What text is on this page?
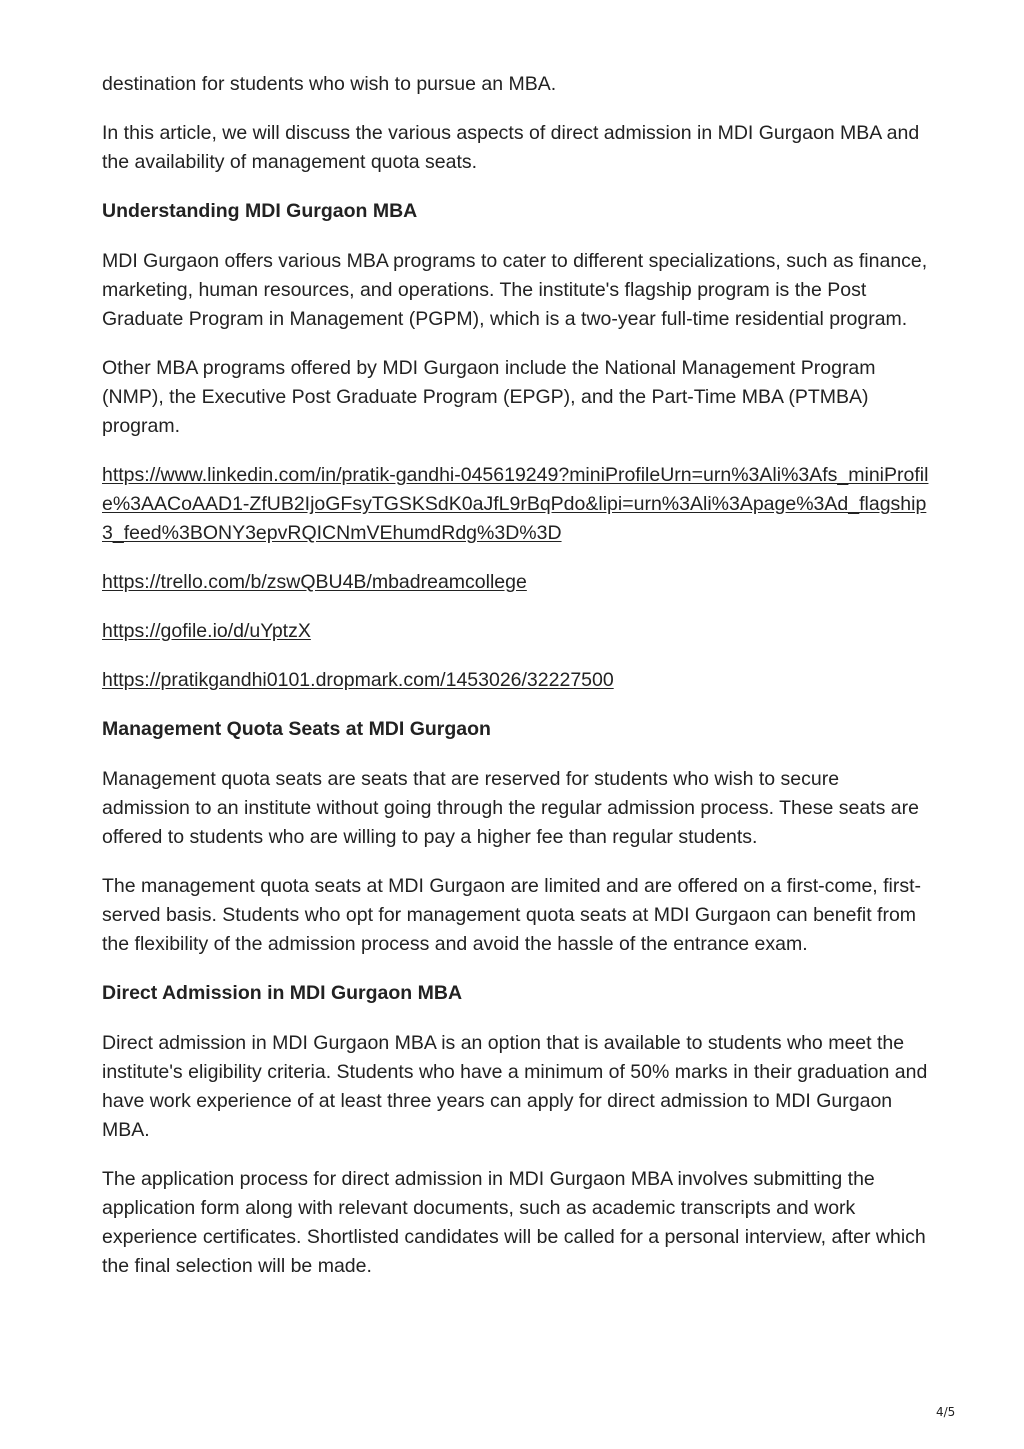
destination for students who wish to pursue an MBA.

In this article, we will discuss the various aspects of direct admission in MDI Gurgaon MBA and the availability of management quota seats.

Understanding MDI Gurgaon MBA

MDI Gurgaon offers various MBA programs to cater to different specializations, such as finance, marketing, human resources, and operations. The institute's flagship program is the Post Graduate Program in Management (PGPM), which is a two-year full-time residential program.

Other MBA programs offered by MDI Gurgaon include the National Management Program (NMP), the Executive Post Graduate Program (EPGP), and the Part-Time MBA (PTMBA) program.

https://www.linkedin.com/in/pratik-gandhi-045619249?miniProfileUrn=urn%3Ali%3Afs_miniProfile%3AACoAAD1-ZfUB2IjoGFsyTGSKSdK0aJfL9rBqPdo&lipi=urn%3Ali%3Apage%3Ad_flagship3_feed%3BONY3epvRQICNmVEhumdRdg%3D%3D

https://trello.com/b/zswQBU4B/mbadreamcollege

https://gofile.io/d/uYptzX

https://pratikgandhi0101.dropmark.com/1453026/32227500

Management Quota Seats at MDI Gurgaon

Management quota seats are seats that are reserved for students who wish to secure admission to an institute without going through the regular admission process. These seats are offered to students who are willing to pay a higher fee than regular students.

The management quota seats at MDI Gurgaon are limited and are offered on a first-come, first-served basis. Students who opt for management quota seats at MDI Gurgaon can benefit from the flexibility of the admission process and avoid the hassle of the entrance exam.

Direct Admission in MDI Gurgaon MBA

Direct admission in MDI Gurgaon MBA is an option that is available to students who meet the institute's eligibility criteria. Students who have a minimum of 50% marks in their graduation and have work experience of at least three years can apply for direct admission to MDI Gurgaon MBA.

The application process for direct admission in MDI Gurgaon MBA involves submitting the application form along with relevant documents, such as academic transcripts and work experience certificates. Shortlisted candidates will be called for a personal interview, after which the final selection will be made.

4/5
